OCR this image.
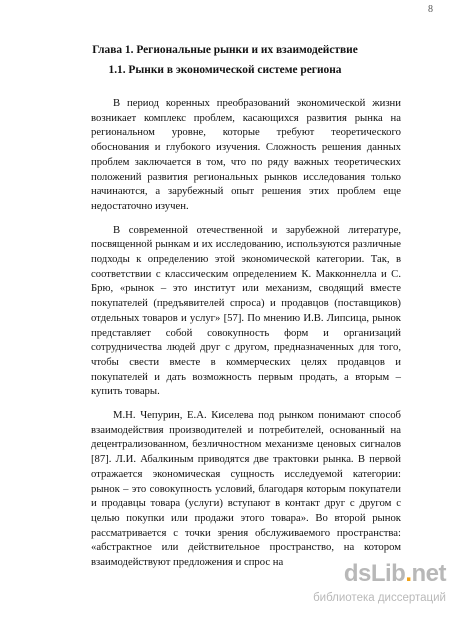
8
Глава 1. Региональные рынки и их взаимодействие
1.1. Рынки в экономической системе региона

В период коренных преобразований экономической жизни возникает комплекс проблем, касающихся развития рынка на региональном уровне, которые требуют теоретического обоснования и глубокого изучения. Сложность решения данных проблем заключается в том, что по ряду важных теоретических положений развития региональных рынков исследования только начинаются, а зарубежный опыт решения этих проблем еще недостаточно изучен.

В современной отечественной и зарубежной литературе, посвященной рынкам и их исследованию, используются различные подходы к определению этой экономической категории. Так, в соответствии с классическим определением К. Макконнелла и С. Брю, «рынок – это институт или механизм, сводящий вместе покупателей (предъявителей спроса) и продавцов (поставщиков) отдельных товаров и услуг» [57]. По мнению И.В. Липсица, рынок представляет собой совокупность форм и организаций сотрудничества людей друг с другом, предназначенных для того, чтобы свести вместе в коммерческих целях продавцов и покупателей и дать возможность первым продать, а вторым – купить товары.

М.Н. Чепурин, Е.А. Киселева под рынком понимают способ взаимодействия производителей и потребителей, основанный на децентрализованном, безличностном механизме ценовых сигналов [87]. Л.И. Абалкиным приводятся две трактовки рынка. В первой отражается экономическая сущность исследуемой категории: рынок – это совокупность условий, благодаря которым покупатели и продавцы товара (услуги) вступают в контакт друг с другом с целью покупки или продажи этого товара». Во второй рынок рассматривается с точки зрения обслуживаемого пространства: «абстрактное или действительное пространство, на котором взаимодействуют предложения и спрос на	dsLib.net
библиотека диссертаций
